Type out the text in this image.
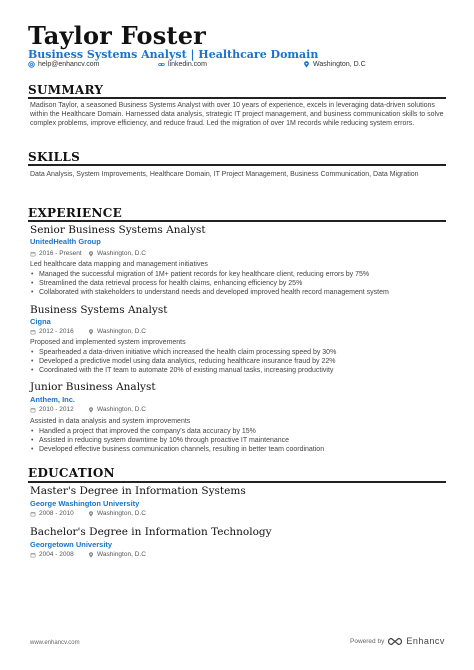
Taylor Foster
Business Systems Analyst | Healthcare Domain
help@enhancv.com	linkedin.com	Washington, D.C
SUMMARY

Madison Taylor, a seasoned Business Systems Analyst with over 10 years of experience, excels in leveraging data-driven solutions within the Healthcare Domain. Harnessed data analysis, strategic IT project management, and business communication skills to solve complex problems, improve efficiency, and reduce fraud. Led the migration of over 1M records while reducing system errors.

SKILLS

Data Analysis, System Improvements, Healthcare Domain, IT Project Management, Business Communication, Data Migration

EXPERIENCE
Senior Business Systems Analyst
UnitedHealth Group
2016 - Present Washington, D.C

Led healthcare data mapping and management initiatives

• Managed the successful migration of 1M+ patient records for key healthcare client, reducing errors by 75%
• Streamlined the data retrieval process for health claims, enhancing efficiency by 25%
• Collaborated with stakeholders to understand needs and developed improved health record management system
Business Systems Analyst
Cigna
2012 - 2016	Washington, D.C

Proposed and implemented system improvements

• Spearheaded a data-driven initiative which increased the health claim processing speed by 30%
• Developed a predictive model using data analytics, reducing healthcare insurance fraud by 22%
• Coordinated with the IT team to automate 20% of existing manual tasks, increasing productivity
Junior Business Analyst
Anthem, Inc.
2010 - 2012	Washington, D.C

Assisted in data analysis and system improvements

• Handled a project that improved the company's data accuracy by 15%
• Assisted in reducing system downtime by 10% through proactive IT maintenance
• Developed effective business communication channels, resulting in better team coordination
EDUCATION
Master's Degree in Information Systems
George Washington University
2008 - 2010	Washington, D.C
Bachelor's Degree in Information Technology
Georgetown University
2004 - 2008	Washington, D.C
www.enhancv.com	Powered by Enhancv
